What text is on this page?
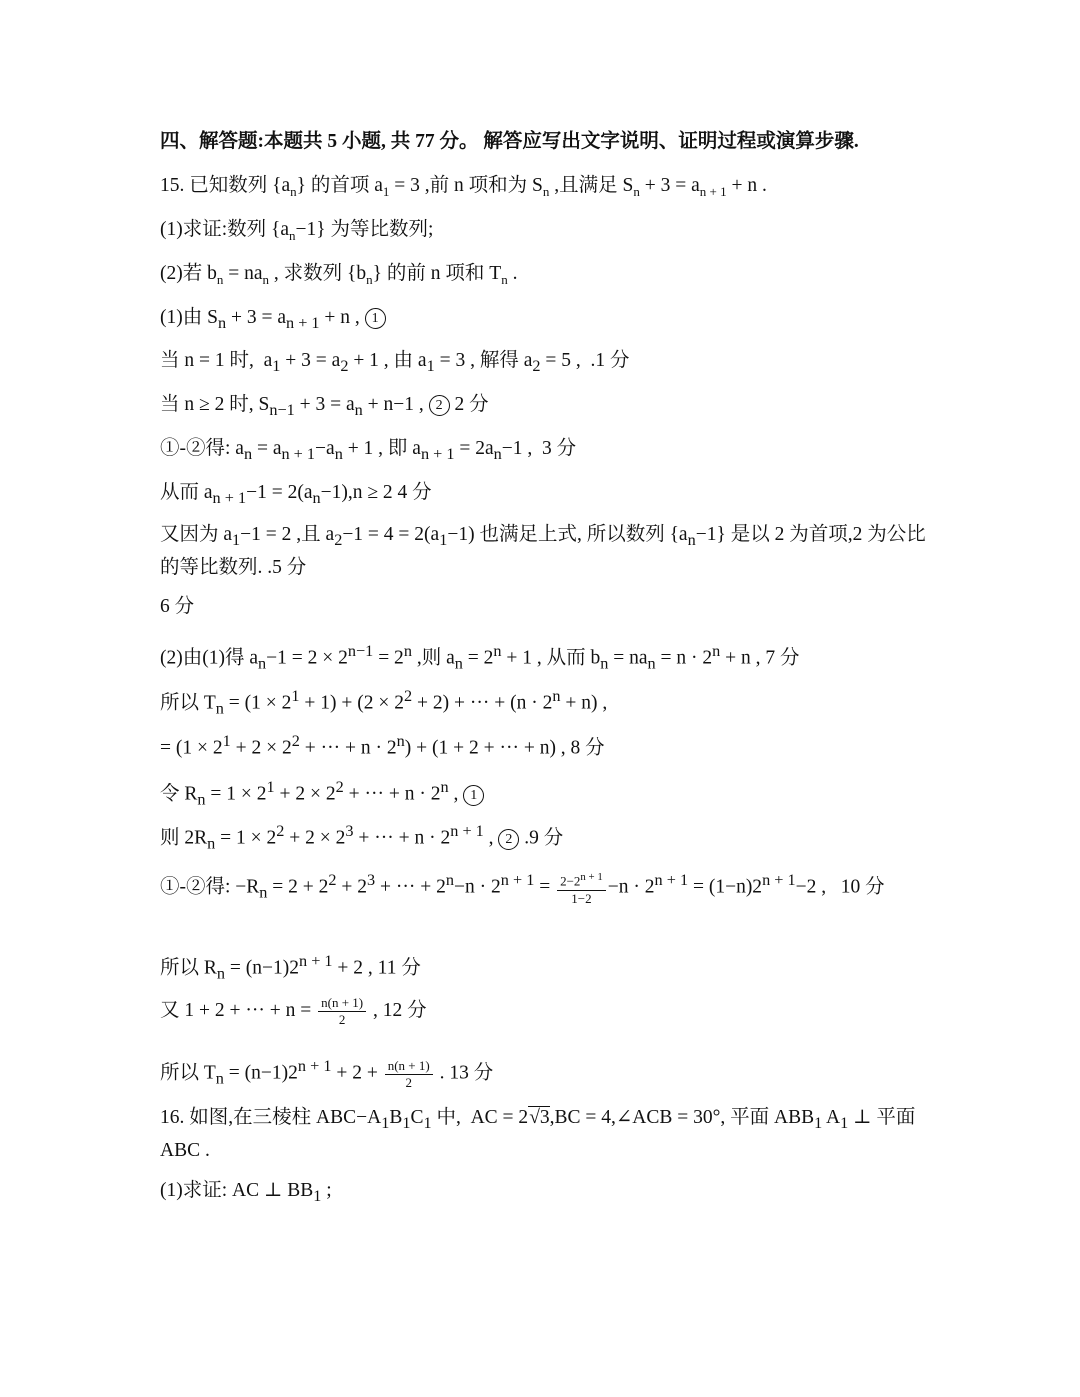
四、解答题:本题共 5 小题, 共 77 分。 解答应写出文字说明、证明过程或演算步骤.
15. 已知数列 $\{a_n\}$ 的首项 $a_1 = 3$ ,前 n 项和为 $S_n$ ,且满足 $S_n + 3 = a_{n + 1} + n$ .
(1)求证:数列 $\{a_n-1\}$ 为等比数列;
(2)若 $b_n = na_n$ , 求数列 $\{b_n\}$ 的前 n 项和 $T_n$ .
(1)由 $S_n + 3 = a_{n + 1} + n$ , 1
当 n = 1 时,  $a_1 + 3 = a_2 + 1$ , 由 $a_1 = 3$ , 解得 $a_2 = 5$ ,  .1 分
当 n ≥ 2 时, $S_{n-1} + 3 = a_n + n-1$ , 2 2 分
①-②得: $a_n = a_{n + 1}-a_n + 1$ , 即 $a_{n + 1} = 2a_n-1$ ,  3 分
从而 $a_{n + 1}-1 = 2(a_n-1),n \ge 2$ 4 分
又因为 $a_1-1 = 2$ ,且 $a_2-1 = 4 = 2(a_1-1)$ 也满足上式, 所以数列 $\{a_n-1\}$ 是以 2 为首项,2 为公比的等比数列. .5 分
6 分
(2)由(1)得 $a_n-1 = 2 \times 2^{n-1} = 2^n$ ,则 $a_n = 2^n + 1$ , 从而 $b_n = na_n = n \cdot 2^n + n$ , 7 分
所以 $T_n = (1 \times 2^1 + 1) + (2 \times 2^2 + 2)$ + ··· + $(n \cdot 2^n + n)$ ,
= ($1 \times 2^1 + 2 \times 2^2$ + ··· + $n \cdot 2^n) + (1 + 2$ + ··· + n) , 8 分
令 $R_n = 1 \times 2^1 + 2 \times 2^2$ + ··· + $n \cdot 2^n$ , 1
则 $2R_n = 1 \times 2^2 + 2 \times 2^3$ + ··· + $n \cdot 2^{n + 1}$ , 2 .9 分
①-②得: $-R_n = 2 + 2^2 + 2^3$ + ··· + $2^n-n \cdot 2^{n + 1} = \frac{2-2^{n + 1}}{1-2} -n \cdot 2^{n + 1} = (1-n)2^{n + 1}-2$ ,   10 分
所以 $R_n = (n-1)2^{n + 1} + 2$ , 11 分
又 1 + 2 + ··· + $n = \frac{n(n + 1)}{2}$ , 12 分
所以 $T_n = (n-1)2^{n + 1} + 2 + \frac{n(n + 1)}{2}$ . 13 分
16. 如图,在三棱柱 $ABC-A_1B_1C_1$ 中,  AC = 2√3,BC = 4,∠ACB = 30°, 平面 $ABB_1$ $A_1$ ⊥ 平面 ABC .
(1)求证: AC ⊥ $BB_1$ ;
